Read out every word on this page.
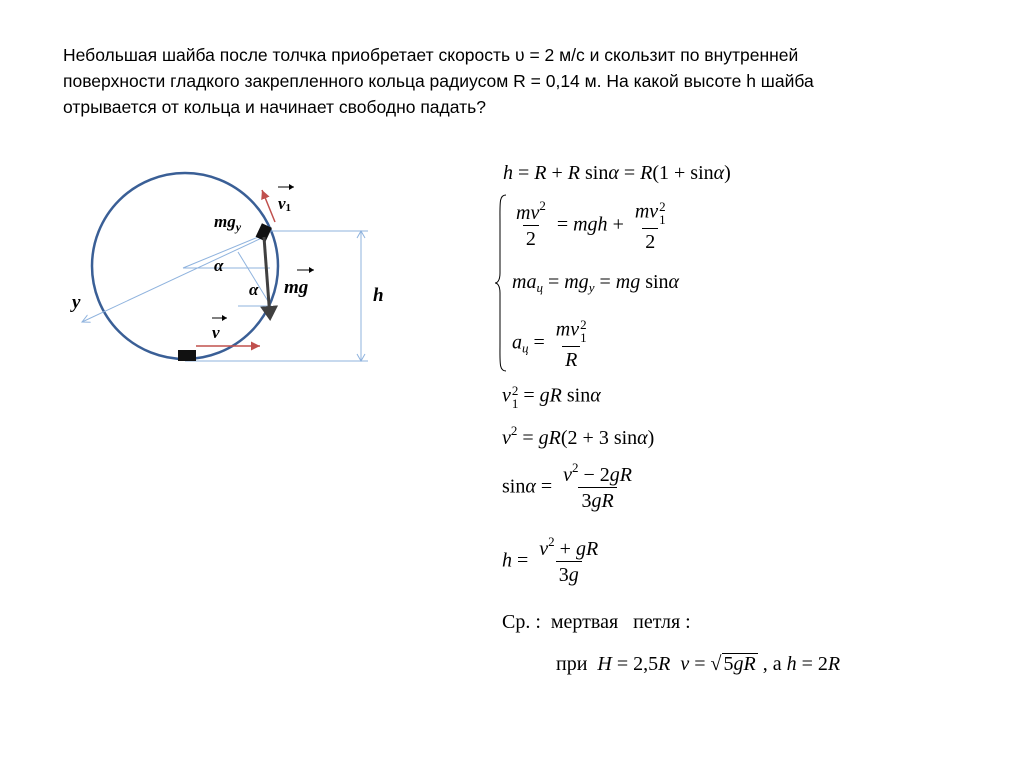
Небольшая шайба после толчка приобретает скорость υ = 2 м/с и скользит по внутренней
поверхности гладкого закрепленного кольца радиусом R = 0,14 м. На какой высоте h шайба
отрывается от кольца и начинает свободно падать?
v1
$mg_y$
α
α mg
y	h
v
h = R + R sinα = R(1 + sinα)
$\frac{mv^2}{2}$ = mgh + mv 2
1
2
$ma_ц = mg_y$ = mg sinα
$a_ц$ = mv 2
1
R
v 2
1 = gR sinα
$v^2 = gR(2 + 3$ sinα)
$\sin\alpha = \frac{v^2 - 2gR}{3gR}$
$h = \frac{v^2 + gR}{3g}$
Ср. :  мертвая   петля :
при  H = 2,5R v = √ 5gR , а h = 2R
